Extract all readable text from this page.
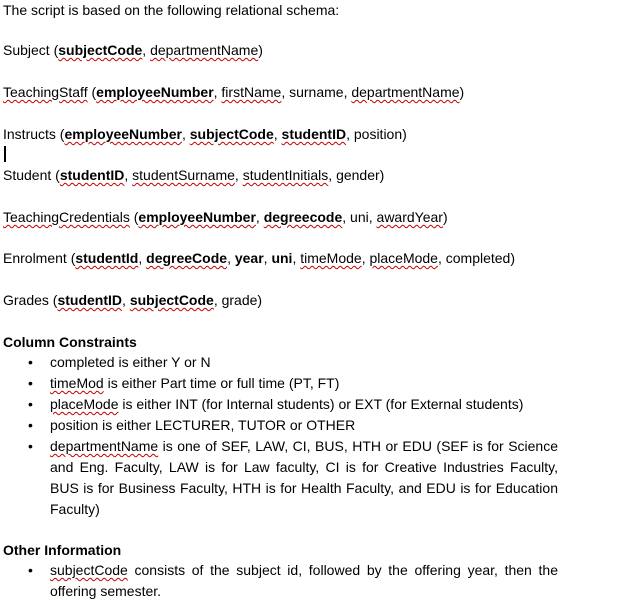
The script is based on the following relational schema:
Subject (subjectCode, departmentName)
TeachingStaff (employeeNumber, firstName, surname, departmentName)
Instructs (employeeNumber, subjectCode, studentID, position)
Student (studentID, studentSurname, studentInitials, gender)
TeachingCredentials (employeeNumber, degreecode, uni, awardYear)
Enrolment (studentId, degreeCode, year, uni, timeMode, placeMode, completed)
Grades (studentID, subjectCode, grade)
Column Constraints
• completed is either Y or N
• timeMod is either Part time or full time (PT, FT)
• placeMode is either INT (for Internal students) or EXT (for External students)
• position is either LECTURER, TUTOR or OTHER
• departmentName is one of SEF, LAW, CI, BUS, HTH or EDU (SEF is for Science and Eng. Faculty, LAW is for Law faculty, CI is for Creative Industries Faculty, BUS is for Business Faculty, HTH is for Health Faculty, and EDU is for Education Faculty)
Other Information
• subjectCode consists of the subject id, followed by the offering year, then the offering semester.
